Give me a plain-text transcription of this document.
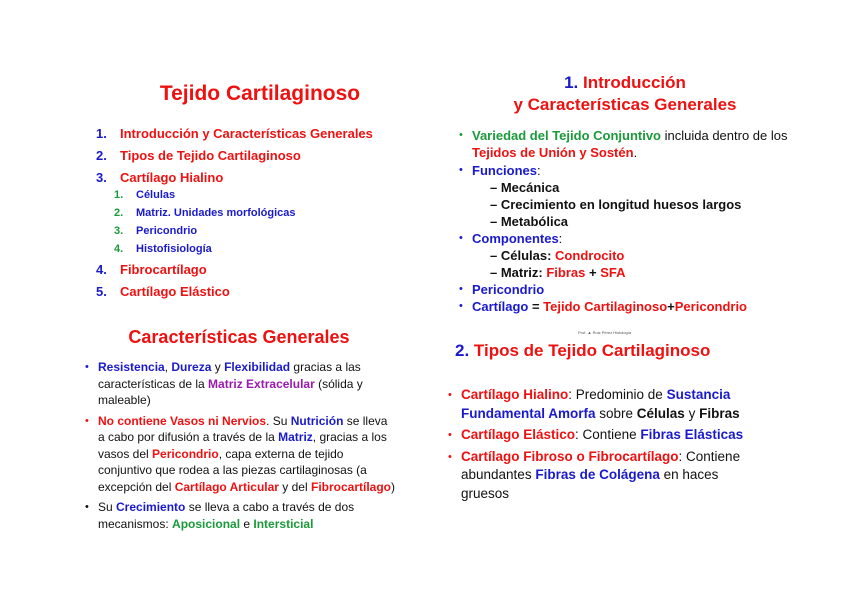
Tejido Cartilaginoso
1. Introducción y Características Generales
2. Tipos de Tejido Cartilaginoso
3. Cartílago Hialino
1. Células
2. Matriz. Unidades morfológicas
3. Pericondrio
4. Histofisiología
4. Fibrocartílago
5. Cartílago Elástico
1. Introducción
y Características Generales
• Variedad del Tejido Conjuntivo incluida dentro de los Tejidos de Unión y Sostén.
• Funciones:
– Mecánica
– Crecimiento en longitud huesos largos
– Metabólica
• Componentes:
– Células: Condrocito
– Matriz: Fibras + SFA
• Pericondrio
• Cartílago = Tejido Cartilaginoso+Pericondrio
Prof. ▲ Ruiz Pérez Histología
Características Generales
• Resistencia, Dureza y Flexibilidad gracias a las características de la Matriz Extracelular (sólida y maleable)
• No contiene Vasos ni Nervios. Su Nutrición se lleva a cabo por difusión a través de la Matriz, gracias a los vasos del Pericondrio, capa externa de tejido conjuntivo que rodea a las piezas cartilaginosas (a excepción del Cartílago Articular y del Fibrocartílago)
• Su Crecimiento se lleva a cabo a través de dos mecanismos: Aposicional e Intersticial
2. Tipos de Tejido Cartilaginoso
• Cartílago Hialino: Predominio de Sustancia Fundamental Amorfa sobre Células y Fibras
• Cartílago Elástico: Contiene Fibras Elásticas
• Cartílago Fibroso o Fibrocartílago: Contiene abundantes Fibras de Colágena en haces gruesos
